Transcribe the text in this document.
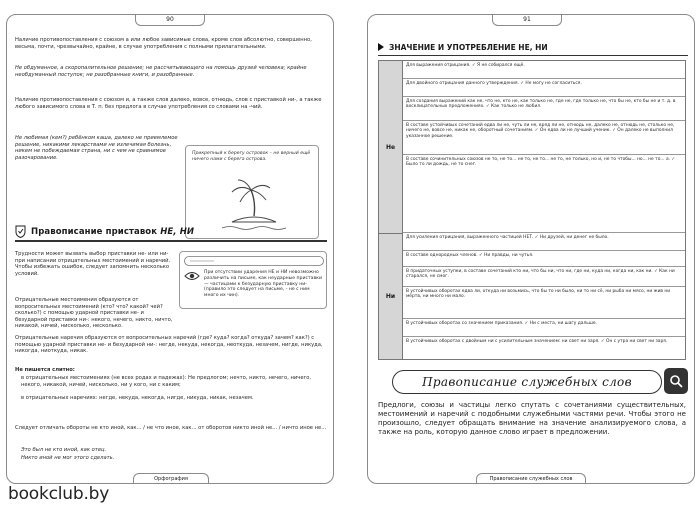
90
Наличие противопоставления с союзом а или любое зависимые слова, кроме слов абсолютно, совершенно, весьма, почти, чрезвычайно, крайне, в случае употребления с полными прилагательными.
Не обдуманное, а скоропалительное решение; не рассчитывающего на помощь друзей человека; крайне необдуманный поступок; не разобранные книги, и разобранные.
Наличие противопоставления с союзом и, а также слов далеко, вовсе, отнюдь, слов с приставкой ни-, а также любого зависимого слова в Т. п. без предлога в случае употребления со словами на -чий.
Не любимая (кем?) ребёнком каша, далеко не приемлемое решение, никакими лекарствами не излечимая болезнь, никем не побеждаемая страна, ни с чем не сравнимое разочарование.
Прикрепный к берегу островок – не верный ещё ничего нами с берега острова.
Правописание приставок НЕ, НИ
Трудности может вызвать выбор приставки не- или ни- при написании отрицательных местоимений и наречий. Чтобы избежать ошибок, следует запомнить несколько условий.	При отсутствии ударения НЕ и НИ невозможно различить на письме, как неударные приставки — частицами к безударную приставку ни- (правило это следует на письме, - не с ним много их чин).
Отрицательные местоимения образуются от вопросительных местоимений (кто? что? какой? чей? сколько?) с помощью ударной приставки не- и безударной приставки ни-: некого, нечего, никто, ничто, никакой, ничей, нисколько, несколько.
Отрицательные наречия образуются от вопросительных наречий (где? куда? когда? откуда? зачем? как?) с помощью ударной приставки не- и безударной ни-: негде, некуда, некогда, неоткуда, незачем, нигде, никуда, никогда, ниоткуда, никак.
Не пишется слитно:
в отрицательных местоимениях (не всех родах и падежах): Не предлогом; нечто, никто, нечего, ничего, некого, никакой, ничей, нисколько, ни у кого, ни с каким;
в отрицательных наречиях: негде, некуда, некогда, нигде, никуда, никак, незачем.
Следует отличать обороты не кто иной, как... / не что иное, как... от оборотов никто иной не... / ничто иное не...
Это был не кто иной, как отец.
Никто иной не мог этого сделать.
Орфография
91
ЗНАЧЕНИЕ И УПОТРЕБЛЕНИЕ НЕ, НИ
Не
Ни
Для выражения отрицания. ✓ Я не собирался ещё.
Для двойного отрицания данного утверждения. ✓ Не могу не согласиться.
Для создания выражений как не, что не, кто не, как только не, где не, где только не, что бы не, кто бы не и т. д. в восклицательных предложениях. ✓ Как только не любил.
В составе устойчивых сочетаний едва ли не, чуть ли не, вряд ли не, отнюдь не, далеко не, отнюдь не, столько не, ничего не, вовсе не, никак не, оборотный сочетаниям. ✓ Он едва ли не лучший ученик. ✓ Он далеко не выполнил указанное решение.
В составе сочинительных союзов не то, не то... не то, не то... не то, не только, но и, не то чтобы... но... не то... а. ✓ Было то ли дождь, не то снег.
Для усиления отрицания, выраженного частицей НЕТ. ✓ Ни друзей, ни денег не было.
В составе однородных членов. ✓ Ни правды, ни чутья.
В придаточных уступки, в составе сочетаний кто ни, что бы ни, что ни, где ни, куда ни, когда ни, как ни. ✓ Как ни старался, не смог.
В устойчивых оборотах едва ли, откуда ни возьмись, что бы то ни было, ни то ни сё, ни рыба ни мясо, ни жив ни мёртв, ни много ни мало.
В устойчивых оборотах со значением приказания. ✓ Ни с места, ни шагу дальше.
В устойчивых оборотах с двойным ни с усилительным значением: ни свет ни заря. ✓ Он с утра ни свет ни заря.
Правописание служебных слов
Предлоги, союзы и частицы легко спутать с сочетаниями существительных, местоимений и наречий с подобными служебными частями речи. Чтобы этого не произошло, следует обращать внимание на значение анализируемого слова, а также на роль, которую данное слово играет в предложении.
Правописание служебных слов
bookclub.by
